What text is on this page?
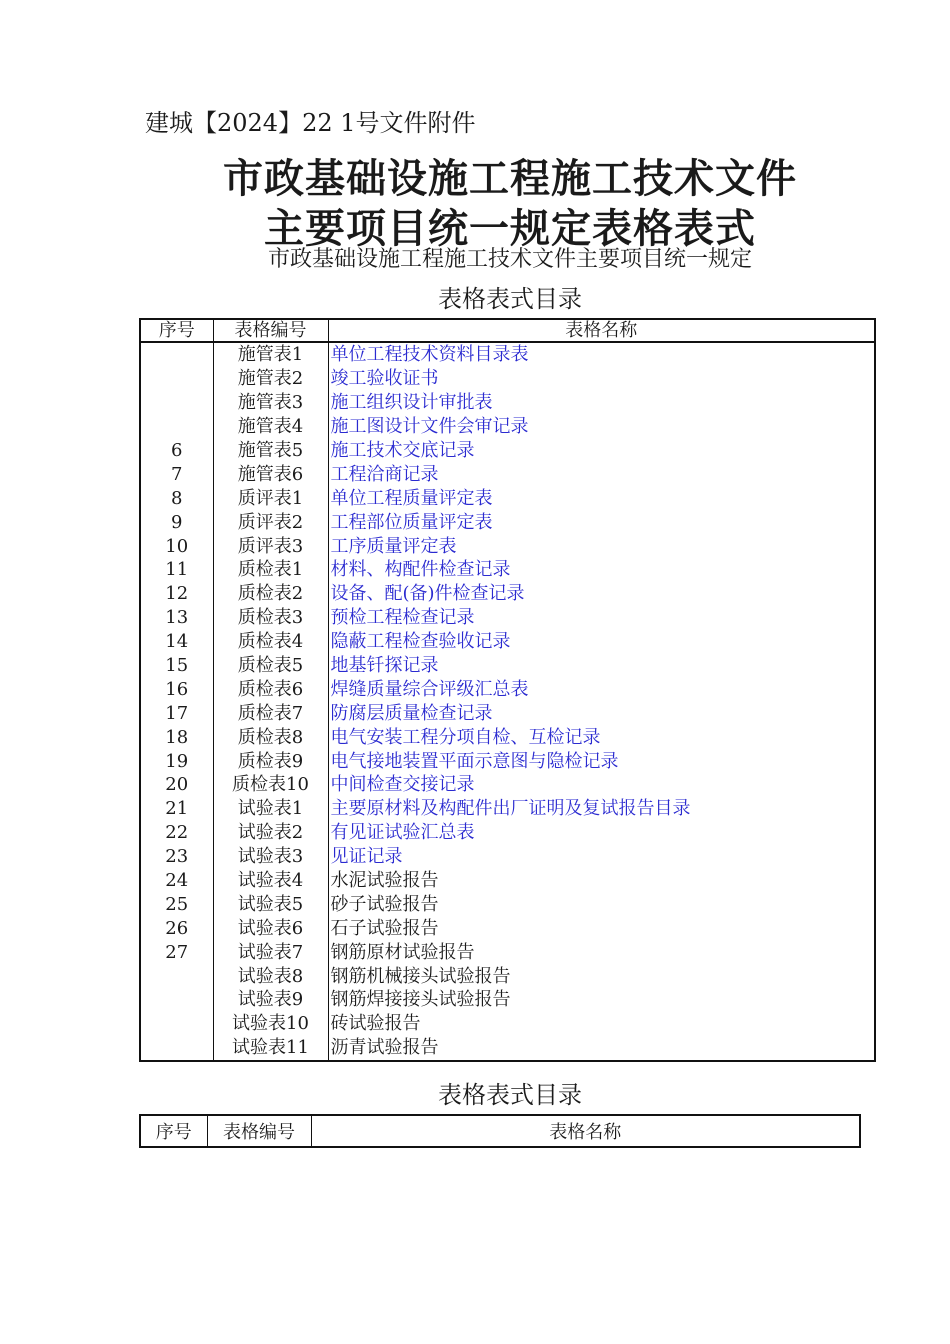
建城【2024】22 1号文件附件
市政基础设施工程施工技术文件
主要项目统一规定表格表式
市政基础设施工程施工技术文件主要项目统一规定
表格表式目录
序号	表格编号	表格名称
	施管表1	单位工程技术资料目录表
	施管表2	竣工验收证书
	施管表3	施工组织设计审批表
	施管表4	施工图设计文件会审记录
6	施管表5	施工技术交底记录
7	施管表6	工程洽商记录
8	质评表1	单位工程质量评定表
9	质评表2	工程部位质量评定表
10	质评表3	工序质量评定表
11	质检表1	材料、构配件检查记录
12	质检表2	设备、配(备)件检查记录
13	质检表3	预检工程检查记录
14	质检表4	隐蔽工程检查验收记录
15	质检表5	地基钎探记录
16	质检表6	焊缝质量综合评级汇总表
17	质检表7	防腐层质量检查记录
18	质检表8	电气安装工程分项自检、互检记录
19	质检表9	电气接地装置平面示意图与隐检记录
20	质检表10	中间检查交接记录
21	试验表1	主要原材料及构配件出厂证明及复试报告目录
22	试验表2	有见证试验汇总表
23	试验表3	见证记录
24	试验表4	水泥试验报告
25	试验表5	砂子试验报告
26	试验表6	石子试验报告
27	试验表7	钢筋原材试验报告
	试验表8	钢筋机械接头试验报告
	试验表9	钢筋焊接接头试验报告
	试验表10	砖试验报告
	试验表11	沥青试验报告
表格表式目录
序号	表格编号	表格名称
